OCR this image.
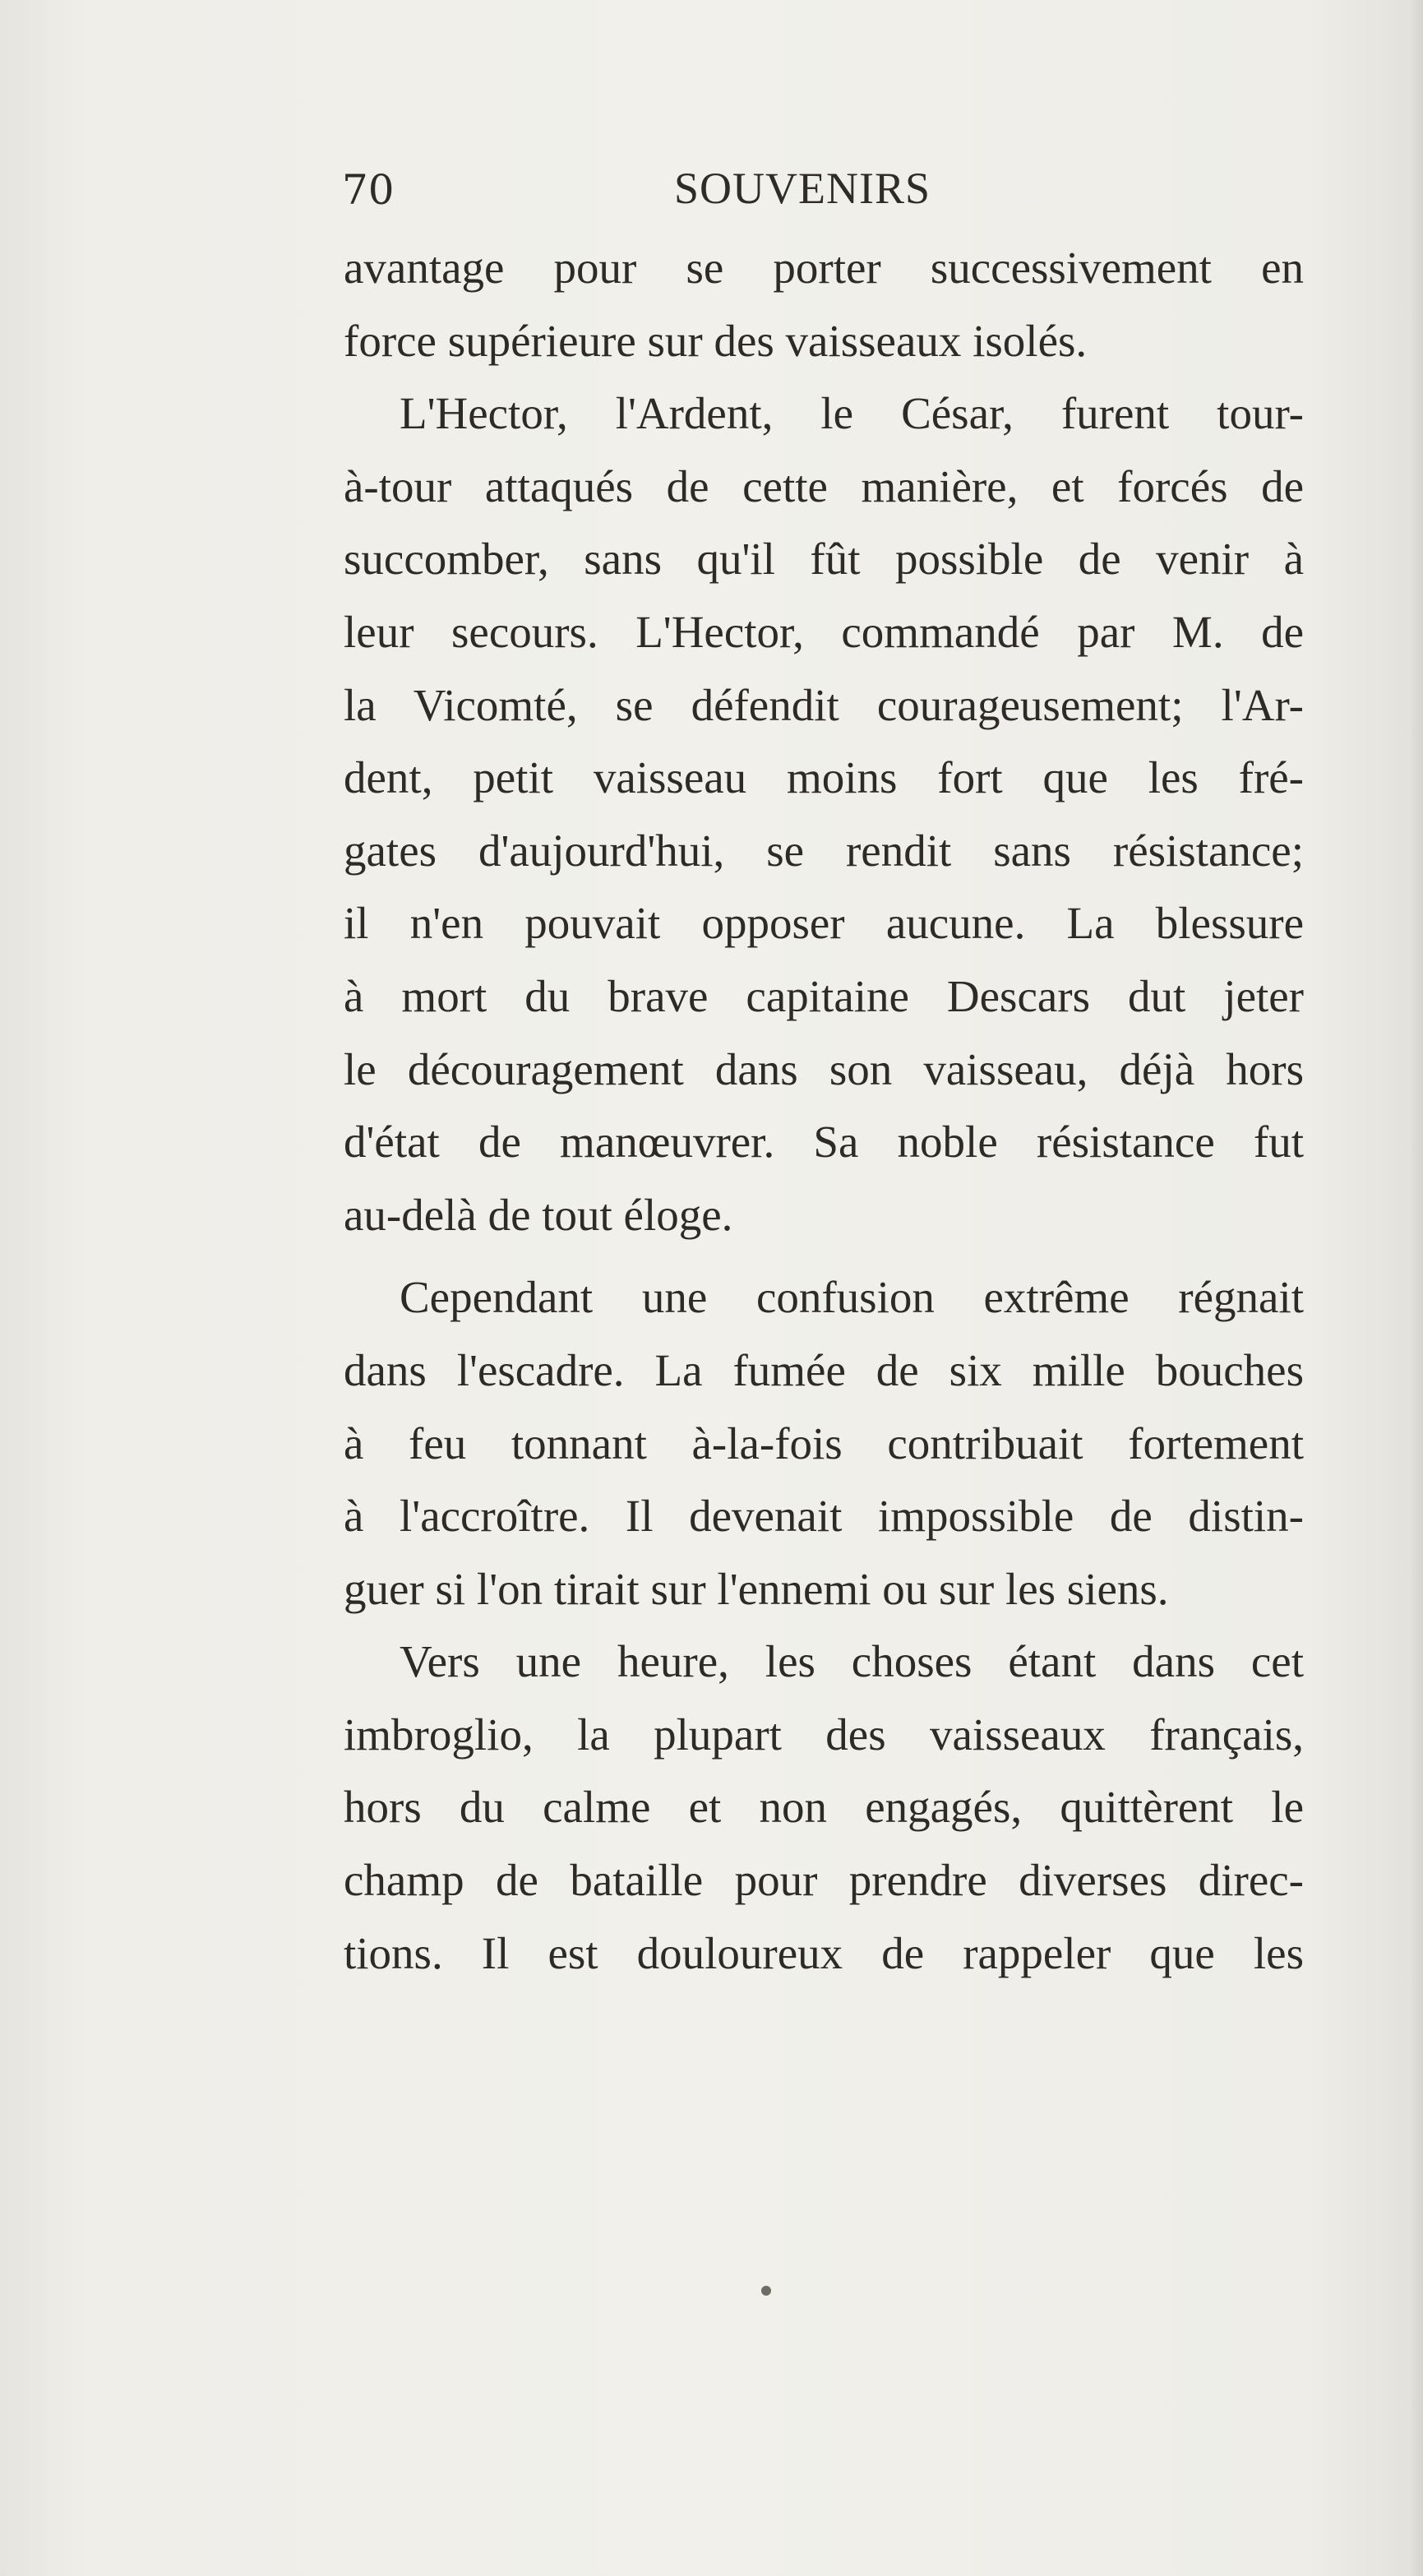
70	SOUVENIRS
avantage pour se porter successivement en
force supérieure sur des vaisseaux isolés.
L'Hector, l'Ardent, le César, furent tour-
à-tour attaqués de cette manière, et forcés de
succomber, sans qu'il fût possible de venir à
leur secours. L'Hector, commandé par M. de
la Vicomté, se défendit courageusement; l'Ar-
dent, petit vaisseau moins fort que les fré-
gates d'aujourd'hui, se rendit sans résistance;
il n'en pouvait opposer aucune. La blessure
à mort du brave capitaine Descars dut jeter
le découragement dans son vaisseau, déjà hors
d'état de manœuvrer. Sa noble résistance fut
au-delà de tout éloge.
Cependant une confusion extrême régnait
dans l'escadre. La fumée de six mille bouches
à feu tonnant à-la-fois contribuait fortement
à l'accroître. Il devenait impossible de distin-
guer si l'on tirait sur l'ennemi ou sur les siens.
Vers une heure, les choses étant dans cet
imbroglio, la plupart des vaisseaux français,
hors du calme et non engagés, quittèrent le
champ de bataille pour prendre diverses direc-
tions. Il est douloureux de rappeler que les
